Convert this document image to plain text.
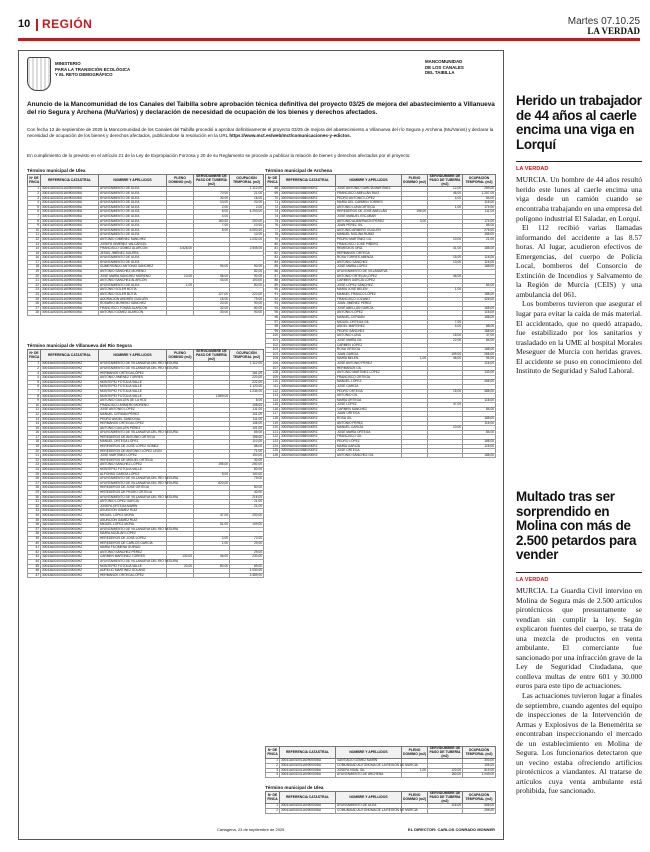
10 REGIÓN	Martes 07.10.25
LA VERDAD
MINISTERIO
PARA LA TRANSICIÓN ECOLÓGICA
Y EL RETO DEMOGRÁFICO
MANCOMUNIDAD
DE LOS CANALES
DEL TAIBILLA
Anuncio de la Mancomunidad de los Canales del Taibilla sobre aprobación técnica definitiva del proyecto 03/25 de mejora del abastecimiento a Villanueva del río Segura y Archena (Mu/Varios) y declaración de necesidad de ocupación de los bienes y derechos afectados.
Con fecha 12 de septiembre de 2025 la Mancomunidad de los Canales del Taibilla procedió a aprobar definitivamente el proyecto 03/25 de mejora del abastecimiento a Villanueva del río Segura y Archena (Mu/Varios) y declarar la necesidad de ocupación de los bienes y derechos afectados, publicándose la resolución en la URL https://www.mct.es/web/mct/comunicaciones-y-edictos.
En cumplimiento de lo previsto en el artículo 21 de la Ley de Expropiación Forzosa y 20 de su Reglamento se procede a publicar la relación de bienes y derechos afectados por el proyecto:
Término municipal de Ulea
Nº DE FINCA	REFERENCIA CATASTRAL	NOMBRE Y APELLIDOS	PLENO DOMINIO (m2)	SERVIDUMBRE DE PASO DE TUBERÍA (m2)	OCUPACIÓN TEMPORAL (m2)
1	30041A00100116090000BU	AYUNTAMIENTO DE ULEA			1.112,00
2	30041A00100116090000BU	AYUNTAMIENTO DE ULEA		70,00	21,00
3	30041A00100116090000BU	AYUNTAMIENTO DE ULEA		30,00	16,00
4	30041A00100116090000BU	AYUNTAMIENTO DE ULEA		10,00	20,00
5	30041A00100116090000BU	AYUNTAMIENTO DE ULEA		2,00	2,00
6	30041A00100116090000BU	AYUNTAMIENTO DE ULEA		6,00	4.203,00
7	30041A00100116090000BU	AYUNTAMIENTO DE ULEA		4,00	
8	30041A00100116090000BU	AYUNTAMIENTO DE ULEA		160,00	200,00
9	30041A00100116090000BU	AYUNTAMIENTO DE ULEA		7,00	10,00
10	30041A00100116090000BU	AYUNTAMIENTO DE ULEA		5,00	6.000,00
11	30041A00100116090000BU	AYUNTAMIENTO DE ULEA			10,00
12	30041A00100116090000BU	ANTONIO GIMÉNEZ SÁNCHEZ			1.032,00
13	30041A00100116090000BU	JOSEFA GIMÉNEZ VALCÁRCEL			
14	30041A00100116090000BU	FRANCISCO GÓMEZ ALARCÓN	3.528,00		2.545,00
15	30041A00100116090000BU	JESÚS JIMÉNEZ SOLERA			
16	30041A00100116090000BU	AYUNTAMIENTO DE ULEA			
17	30041A00100116090000BU	AYUNTAMIENTO DE ULEA			
18	30041A00100116090000BU	GUMERSINDO ANTONIO SÁNCHEZ		94,00	90,00
19	30041A00100116090000BU	ANTONIO SÁNCHEZ MORENO			82,00
20	30041A00100116090000BU	JOSÉ MARÍA SÁNCHEZ MORENO	10,00	56,00	90,00
21	30041A00100116090000BU	ANTONIO SÁNCHEZ ALARCÓN		43,00	100,00
22	30041A00100116090000BU	AYUNTAMIENTO DE ULEA	1,00		80,00
23	30041A00100116090000BU	ANTONIO SOLER BOTÍA			
24	30041A00100116090000BU	ANTONIO SOLER BOTÍA		127,00	220,00
25	30041A00100116090000BU	ADORACIÓN ANDRÉS GUILLÉN		15,00	79,00
26	30041A00100116090000BU	ROSARIO MORENO SÁNCHEZ		20,00	90,00
27	30041A00100116090000BU	FRANCISCO TOMÁS ALARCÓN		32,00	80,00
28	30041A00100116090000BU	ANTONIO GÓMEZ ALARCÓN		30,00	90,00
Término municipal de Villanueva del Río Segura
Nº DE FINCA	REFERENCIA CATASTRAL	NOMBRE Y APELLIDOS	PLENO DOMINIO (m2)	SERVIDUMBRE DE PASO DE TUBERÍA (m2)	OCUPACIÓN TEMPORAL (m2)
1	30043A00100032000000HZ	AYUNTAMIENTO DE VILLANUEVA DEL RÍO SEGURA			1.112,00
2	30043A00100032000000HZ	AYUNTAMIENTO DE VILLANUEVA DEL RÍO SEGURA			
3	30043A00100032000000HZ	HERMANOS ORTEGA LÓPEZ			161,00
4	30043A00100032000000HZ	ANTONIO JIMÉNEZ TORRES			220,00
5	30043A00100032000000HZ	MONTEPÍO FOTOLIA VALLE			222,00
6	30043A00100032000000HZ	MONTEPÍO FOTOLIA VALLE			1.120,00
7	30043A00100032000000HZ	MONTEPÍO FOTOLIA VALLE			1.234,00
8	30043A00100032000000HZ	MONTEPÍO FOTOLIA VALLE		1.869,00	
9	30043A00100032000000HZ	ANTONIO GUILLÉN DE LA HOZ			8,00
10	30043A00100032000000HZ	FRANCISCO ARMERO MORENO			108,00
11	30043A00100032000000HZ	JOSÉ ANTONIO LÓPEZ			111,00
12	30043A00100032000000HZ	MANUEL CERDÁN PÉREZ			101,00
13	30043A00100032000000HZ	PEDRO ANGEL SANDOVAL			111,00
14	30043A00100032000000HZ	HERMANOS ORTEGA LÓPEZ			146,00
15	30043A00100032000000HZ	ANTONIO GUILLÉN PÉREZ			101,00
16	30043A00100032000000HZ	AYUNTAMIENTO DE VILLANUEVA DEL RÍO SEGURA			69,00
17	30043A00100032000000HZ	HEREDEROS DE ANTONIO ORTEGA			196,00
18	30043A00100032000000HZ	MANUEL ORTEGA LÓPEZ			110,00
19	30043A00100032000000HZ	HEREDEROS DE JOSÉ LÓPEZ GÓMEZ			88,00
20	30043A00100032000000HZ	HEREDEROS DE ANTONIO LÓPEZ LEÓN			71,00
21	30043A00100032000000HZ	JOSÉ MARTÍNEZ LÓPEZ			100,00
22	30043A00100032000000HZ	HEREDEROS DE MIGUEL ORTEGA			30,00
23	30043A00100032000000HZ	ANTONIO SÁNCHEZ LÓPEZ		195,00	250,00
24	30043A00100032000000HZ	MONTEPÍO FOTOLIA VALLE			60,00
25	30043A00100032000000HZ	ALFONSO GARCÍA LÓPEZ		5,00	100,00
26	30043A00100032000000HZ	AYUNTAMIENTO DE VILLANUEVA DEL RÍO SEGURA			79,00
27	30043A00100032000000HZ	AYUNTAMIENTO DE VILLANUEVA DEL RÍO SEGURA		620,00	
28	30043A00100032000000HZ	HEREDEROS DE JOSÉ ORTEGA			60,00
29	30043A00100032000000HZ	HEREDEROS DE PEDRO ORTEGA			40,00
30	30043A00100032000000HZ	AYUNTAMIENTO DE VILLANUEVA DEL RÍO SEGURA			216,00
31	30043A00100032000000HZ	ANTONIO LÓPEZ GARCÍA			21,00
32	30043A00100032000000HZ	JOSEFA ORTEGA MARÍN			21,00
33	30043A00100032000000HZ	ASUNCIÓN GÁMEZ RUIZ			
34	30043A00100032000000HZ	MIGUEL LÓPEZ MORA		47,00	200,00
35	30043A00100032000000HZ	ASUNCIÓN GÁMEZ RUIZ			
36	30043A00100032000000HZ	MIGUEL LÓPEZ MORA		51,00	109,00
37	30043A00100032000000HZ	AYUNTAMIENTO DE VILLANUEVA DEL RÍO SEGURA			
38	30043A00100032000000HZ	MARÍA AGUILAR LÓPEZ			
39	30043A00100032000000HZ	HEREDEROS DE JOSÉ LÓPEZ		2,00	72,00
40	30043A00100032000000HZ	HEREDEROS DE CARLOS GARCÍA		1,00	29,00
41	30043A00100032000000HZ	MARÍA FILOMENA GUIRAO			
42	30043A00100032000000HZ	ANTONIO SÁNCHEZ PÉREZ			29,00
43	30043A00100032000000HZ	CARMEN MARTÍNEZ TORRES	130,00	46,00	230,00
44	30043A00100032000000HZ	AYUNTAMIENTO DE VILLANUEVA DEL RÍO SEGURA			
45	30043A00100032000000HZ	MONTEPÍO FOTOLIA VALLE	20,00	80,00	69,00
46	30043A00100032000000HZ	AURELIO MARTÍNEZ SOLANO			1.030,00
47	30043A00100032000000HZ	HERMANOS ORTEGA LÓPEZ			2.469,00
Término municipal de Archena
Nº DE FINCA	REFERENCIA CATASTRAL	NOMBRE Y APELLIDOS	PLENO DOMINIO (m2)	SERVIDUMBRE DE PASO DE TUBERÍA (m2)	OCUPACIÓN TEMPORAL (m2)
68	30009A001000680000RZ	JOSÉ ANTONIO GARCÍA MARTÍNEZ		12,00	269,00
69	30009A001000680000RZ	FRANCISCO ABELLÁN RUIZ		46,00	1.257,00
70	30009A001000680000RZ	PEDRO ANTONIO LÓPEZ		4,00	84,00
71	30009A001000680000RZ	MARÍA DEL CARMEN TORRES			116,00
72	30009A001000680000RZ	ANTONIO LUNA ORTEGA		1,00	174,00
73	30009A001000680000RZ	HEREDEROS DE JOSÉ ABELLÁN	195,00		111,00
74	30009A001000680000RZ	JOSÉ MANUEL ESCOBAR			
75	30009A001000680000RZ	ANTONIO ALBARRACÍN PÉREZ	3,00		174,00
76	30009A001000680000RZ	JUAN PÉREZ GIL			85,00
77	30009A001000680000RZ	ANTONIO ARMERO GUILLÉN			276,00
78	30009A001000680000RZ	MANUEL MOLINA RUBIO			185,00
79	30009A001000680000RZ	PEDRO MARTÍNEZ GIL		10,00	21,00
80	30009A001000680000RZ	FRANCISCO JOSÉ PIÑERO			
81	30009A001000680000RZ	REMEDIOS ORIZ		41,00	188,00
82	30009A001000680000RZ	HERMANOS ORTEGA			
83	30009A001000680000RZ	ROSA TORRES ABENZA		15,00	116,00
84	30009A001000680000RZ	ANTONIO SÁNCHEZ		13,00	116,00
85	30009A001000680000RZ	JOSÉ MARÍA LÓPEZ			188,00
86	30009A001000680000RZ	AYUNTAMIENTO DE VILLANUEVA			
87	30009A001000680000RZ	ANTONIO ORTEGA LÓPEZ		46,00	
88	30009A001000680000RZ	CARMEN GARCÍA LÓPEZ			
89	30009A001000680000RZ	JOSÉ LÓPEZ SÁNCHEZ			84,00
90	30009A001000680000RZ	MARÍA JOSÉ BELÉN		1,00	
91	30009A001000680000RZ	MANUEL FRANCO LÓPEZ			188,00
92	30009A001000680000RZ	FRANCISCO LOZANO			426,00
93	30009A001000680000RZ	JUAN JIMÉNEZ PÉREZ			
94	30009A001000680000RZ	JOSÉ ABELLÁN GARCÍA			168,00
95	30009A001000680000RZ	ANTONIO LÓPEZ			116,00
96	30009A001000680000RZ	MANUEL CERDÁN			188,00
97	30009A001000680000RZ	MIGUEL ORTEGA GIL		7,00	
98	30009A001000680000RZ	ÁNGEL MARTÍNEZ		4,00	88,00
99	30009A001000680000RZ	PEDRO SÁNCHEZ			188,00
100	30009A001000680000RZ	ANTONIO LUNA		15,00	37,00
101	30009A001000680000RZ	JOSÉ MARÍA GIL		22,00	84,00
102	30009A001000680000RZ	CARMEN LÓPEZ			
103	30009A001000680000RZ	ROSA ORTEGA			188,00
104	30009A001000680000RZ	JUAN GARCÍA		159,00	266,00
105	30009A001000680000RZ	MARÍA BELÉN	1,00	46,00	94,00
106	30009A001000680000RZ	JOSÉ ANTONIO PÉREZ			116,00
107	30009A001000680000RZ	HERMANOS GIL			
108	30009A001000680000RZ	ANTONIO MARTÍNEZ LÓPEZ			133,00
109	30009A001000680000RZ	FRANCISCO ORTEGA			
110	30009A001000680000RZ	MANUEL LÓPEZ			456,00
111	30009A001000680000RZ	JOSÉ GARCÍA			
112	30009A001000680000RZ	PEDRO ORTEGA		15,00	488,00
113	30009A001000680000RZ	ANTONIO GIL			
114	30009A001000680000RZ	MARÍA ORTEGA			116,00
115	30009A001000680000RZ	JOSÉ LÓPEZ		47,00	
116	30009A001000680000RZ	CARMEN SÁNCHEZ			84,00
117	30009A001000680000RZ	JUAN ORTEGA			
118	30009A001000680000RZ	ROSA GIL			188,00
119	30009A001000680000RZ	ANTONIO PÉREZ			116,00
120	30009A001000680000RZ	MANUEL GARCÍA		10,00	
121	30009A001000680000RZ	JOSÉ MARÍA ORTEGA			84,00
122	30009A001000680000RZ	FRANCISCO GIL			
123	30009A001000680000RZ	PEDRO LÓPEZ			188,00
124	30009A001000680000RZ	MARÍA GARCÍA			116,00
125	30009A001000680000RZ	JOSÉ ORTEGA			
126	30009A001000680000RZ	ANTONIO SÁNCHEZ GIL			188,00
Nº DE FINCA	REFERENCIA CATASTRAL	NOMBRE Y APELLIDOS	PLENO DOMINIO (m2)	SERVIDUMBRE DE PASO DE TUBERÍA (m2)	OCUPACIÓN TEMPORAL (m2)
1	30041A00100116090000BU	SANTIAGO GÓMEZ MARÍN			303,00
2	30041A00100116090000BU	COMUNIDAD AUTÓNOMA DE LA REGIÓN DE MURCIA			155,00
3	30041A00100116090000BU	JOSEFA VIDAL GIL	1,00	120,00	819,00
4	30041A00100116090000BU	AYUNTAMIENTO DE ARCHENA		160,00	1.049,00
Término municipal de Ulea
Nº DE FINCA	REFERENCIA CATASTRAL	NOMBRE Y APELLIDOS	PLENO DOMINIO (m2)	SERVIDUMBRE DE PASO DE TUBERÍA (m2)	OCUPACIÓN TEMPORAL (m2)
1	30041A00100116090000BU	AYUNTAMIENTO DE ULEA		116,00	556,00
2	30041A00100116090000BU	COMUNIDAD AUTÓNOMA DE LA REGIÓN DE MURCIA			256,00
Cartagena, 23 de septiembre de 2025	EL DIRECTOR: CARLOS CONRADO MONNER
Herido un trabajador de 44 años al caerle encima una viga en Lorquí
LA VERDAD

MURCIA. Un hombre de 44 años resultó herido este lunes al caerle encima una viga desde un camión cuando se encontraba trabajando en una empresa del polígono industrial El Saladar, en Lorquí.

El 112 recibió varias llamadas informando del accidente a las 8.57 horas. Al lugar, acudieron efectivos de Emergencias, del cuerpo de Policía Local, bomberos del Consorcio de Extinción de Incendios y Salvamento de la Región de Murcia (CEIS) y una ambulancia del 061.

Los bomberos tuvieron que asegurar el lugar para evitar la caída de más material. El accidentado, que no quedó atrapado, fue estabilizado por los sanitarios y trasladado en la UME al hospital Morales Meseguer de Murcia con heridas graves. El accidente se puso en conocimiento del Instituto de Seguridad y Salud Laboral.

Multado tras ser sorprendido en Molina con más de 2.500 petardos para vender
LA VERDAD

MURCIA. La Guardia Civil intervino en Molina de Segura más de 2.500 artículos pirotécnicos que presuntamente se vendían sin cumplir la ley. Según explicaron fuentes del cuerpo, se trata de una mezcla de productos en venta ambulante. El comerciante fue sancionado por una infracción grave de la Ley de Seguridad Ciudadana, que conlleva multas de entre 601 y 30.000 euros para este tipo de actuaciones.

Las actuaciones tuvieron lugar a finales de septiembre, cuando agentes del equipo de inspecciones de la Intervención de Armas y Explosivos de la Benemérita se encontraban inspeccionando el mercado de un establecimiento en Molina de Segura. Los funcionarios detectaron que un vecino estaba ofreciendo artificios pirotécnicos a viandantes. Al tratarse de artículos cuya venta ambulante está prohibida, fue sancionado.
